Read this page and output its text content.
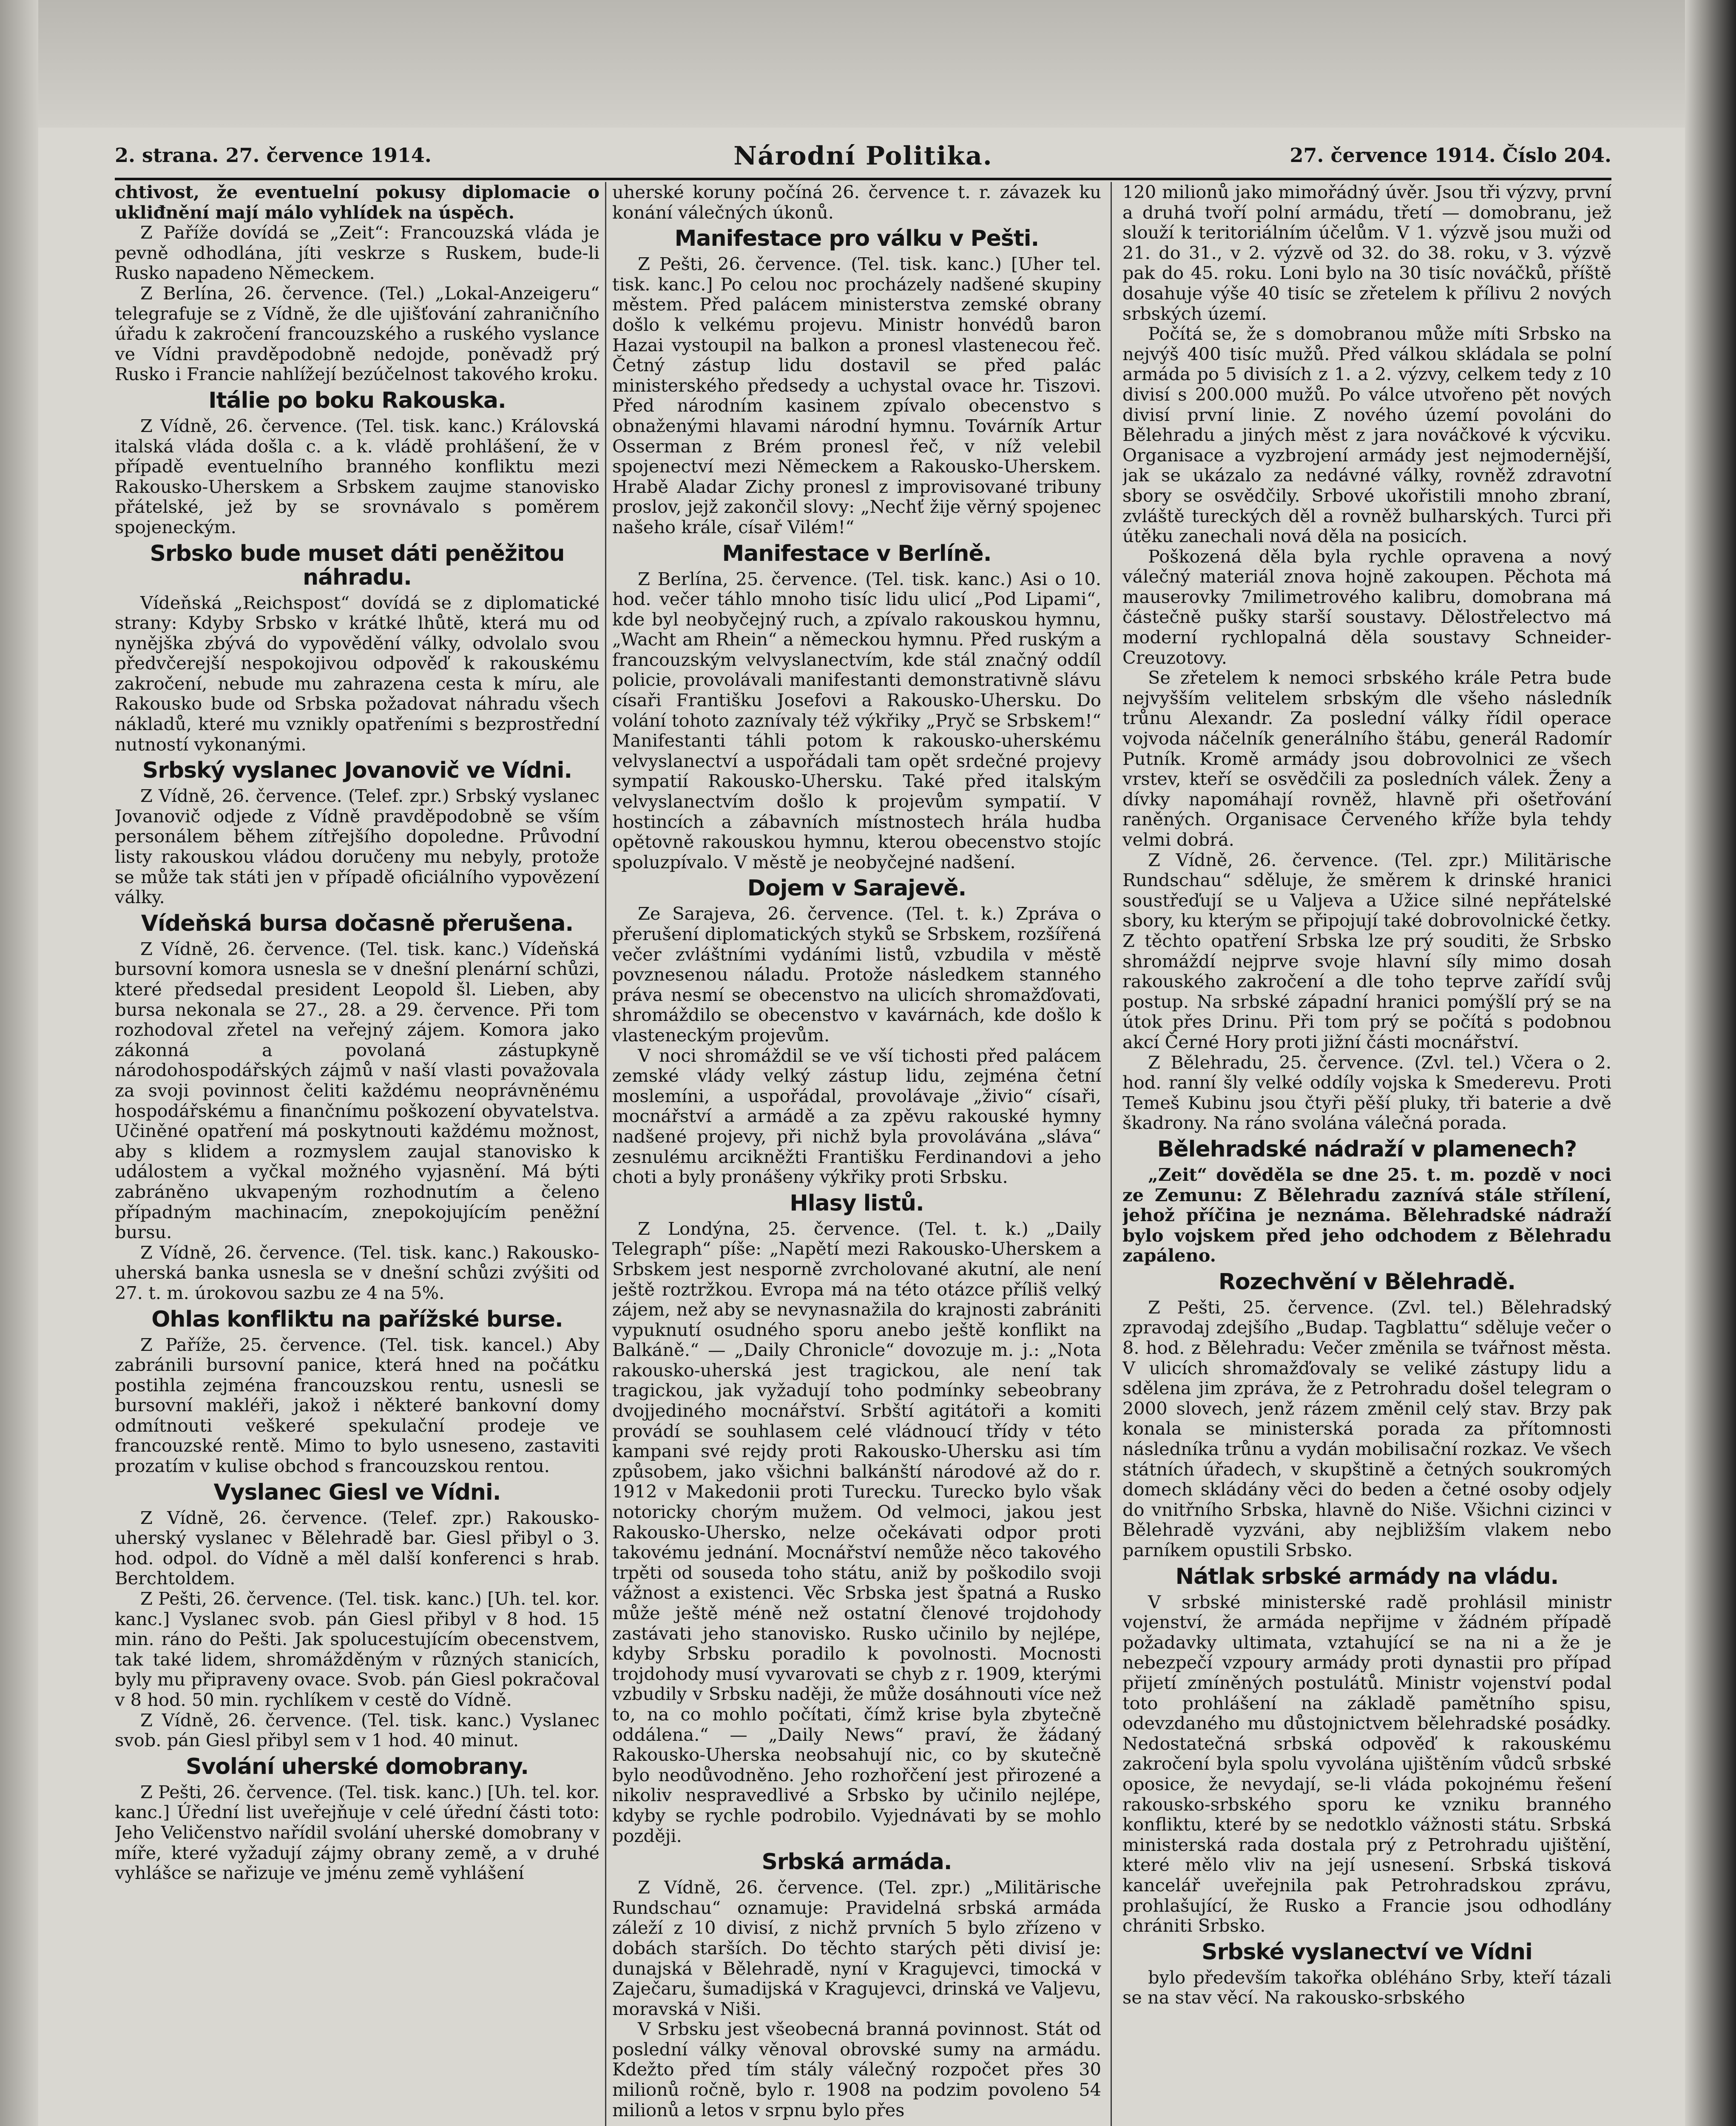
Národní Politika.
2. strana. 27. července 1914.	27. července 1914. Číslo 204.

chtivost, že eventuelní pokusy diplomacie o ukliđnění mají málo vyhlídek na úspěch.

Z Paříže dovídá se „Zeit“: Francouzská vláda je pevně odhodlána, jíti veskrze s Ruskem, bude-li Rusko napadeno Německem.

Z Berlína, 26. července. (Tel.) „Lokal-Anzeigeru“ telegrafuje se z Vídně, že dle ujišťování zahraničního úřadu k zakročení francouzského a ruského vyslance ve Vídni pravděpodobně nedojde, poněvadž prý Rusko i Francie nahlížejí bezúčelnost takového kroku.

Itálie po boku Rakouska.

Z Vídně, 26. července. (Tel. tisk. kanc.) Královská italská vláda došla c. a k. vládě prohlášení, že v případě eventuelního branného konfliktu mezi Rakousko-Uherskem a Srbskem zaujme stanovisko přátelské, jež by se srovnávalo s poměrem spojeneckým.

Srbsko bude muset dáti peněžitou náhradu.

Vídeňská „Reichspost“ dovídá se z diplomatické strany: Kdyby Srbsko v krátké lhůtě, která mu od nynějška zbývá do vypovědění války, odvolalo svou předvčerejší nespokojivou odpověď k rakouskému zakročení, nebude mu zahrazena cesta k míru, ale Rakousko bude od Srbska požadovat náhradu všech nákladů, které mu vznikly opatřeními s bezprostřední nutností vykonanými.

Srbský vyslanec Jovanovič ve Vídni.

Z Vídně, 26. července. (Telef. zpr.) Srbský vyslanec Jovanovič odjede z Vídně pravděpodobně se vším personálem během zítřejšího dopoledne. Průvodní listy rakouskou vládou doručeny mu nebyly, protože se může tak státi jen v případě oficiálního vypovězení války.

Vídeňská bursa dočasně přerušena.

Z Vídně, 26. července. (Tel. tisk. kanc.) Vídeňská bursovní komora usnesla se v dnešní plenární schůzi, které předsedal president Leopold šl. Lieben, aby bursa nekonala se 27., 28. a 29. července. Při tom rozhodoval zřetel na veřejný zájem. Komora jako zákonná a povolaná zástupkyně národohospodářských zájmů v naší vlasti považovala za svoji povinnost čeliti každému neoprávněnému hospodářskému a finančnímu poškození obyvatelstva. Učiněné opatření má poskytnouti každému možnost, aby s klidem a rozmyslem zaujal stanovisko k událostem a vyčkal možného vyjasnění. Má býti zabráněno ukvapeným rozhodnutím a čeleno případným machinacím, znepokojujícím peněžní bursu.

Z Vídně, 26. července. (Tel. tisk. kanc.) Rakousko-uherská banka usnesla se v dnešní schůzi zvýšiti od 27. t. m. úrokovou sazbu ze 4 na 5%.

Ohlas konfliktu na pařížské burse.

Z Paříže, 25. července. (Tel. tisk. kancel.) Aby zabránili bursovní panice, která hned na počátku postihla zejména francouzskou rentu, usnesli se bursovní makléři, jakož i některé bankovní domy odmítnouti veškeré spekulační prodeje ve francouzské rentě. Mimo to bylo usneseno, zastaviti prozatím v kulise obchod s francouzskou rentou.

Vyslanec Giesl ve Vídni.

Z Vídně, 26. července. (Telef. zpr.) Rakousko-uherský vyslanec v Bělehradě bar. Giesl přibyl o 3. hod. odpol. do Vídně a měl další konferenci s hrab. Berchtoldem.

Z Pešti, 26. července. (Tel. tisk. kanc.) [Uh. tel. kor. kanc.] Vyslanec svob. pán Giesl přibyl v 8 hod. 15 min. ráno do Pešti. Jak spolucestujícím obecenstvem, tak také lidem, shromážděným v různých stanicích, byly mu připraveny ovace. Svob. pán Giesl pokračoval v 8 hod. 50 min. rychlíkem v cestě do Vídně.

Z Vídně, 26. července. (Tel. tisk. kanc.) Vyslanec svob. pán Giesl přibyl sem v 1 hod. 40 minut.

Svolání uherské domobrany.

Z Pešti, 26. července. (Tel. tisk. kanc.) [Uh. tel. kor. kanc.] Úřední list uveřejňuje v celé úřední části toto: Jeho Veličenstvo nařídil svolání uherské domobrany v míře, které vyžadují zájmy obrany země, a v druhé vyhlášce se nařizuje ve jménu země vyhlášení

uherské koruny počíná 26. července t. r. závazek ku konání válečných úkonů.

Manifestace pro válku v Pešti.

Z Pešti, 26. července. (Tel. tisk. kanc.) [Uher tel. tisk. kanc.] Po celou noc procházely nadšené skupiny městem. Před palácem ministerstva zemské obrany došlo k velkému projevu. Ministr honvédů baron Hazai vystoupil na balkon a pronesl vlastenecou řeč. Četný zástup lidu dostavil se před palác ministerského předsedy a uchystal ovace hr. Tiszovi. Před národním kasinem zpívalo obecenstvo s obnaženými hlavami národní hymnu. Továrník Artur Osserman z Brém pronesl řeč, v níž velebil spojenectví mezi Německem a Rakousko-Uherskem. Hrabě Aladar Zichy pronesl z improvisované tribuny proslov, jejž zakončil slovy: „Nechť žije věrný spojenec našeho krále, císař Vilém!“

Manifestace v Berlíně.

Z Berlína, 25. července. (Tel. tisk. kanc.) Asi o 10. hod. večer táhlo mnoho tisíc lidu ulicí „Pod Lipami“, kde byl neobyčejný ruch, a zpívalo rakouskou hymnu, „Wacht am Rhein“ a německou hymnu. Před ruským a francouzským velvyslanectvím, kde stál značný oddíl policie, provolávali manifestanti demonstrativně slávu císaři Františku Josefovi a Rakousko-Uhersku. Do volání tohoto zaznívaly též výkřiky „Pryč se Srbskem!“ Manifestanti táhli potom k rakousko-uherskému velvyslanectví a uspořádali tam opět srdečné projevy sympatií Rakousko-Uhersku. Také před italským velvyslanectvím došlo k projevům sympatií. V hostincích a zábavních místnostech hrála hudba opětovně rakouskou hymnu, kterou obecenstvo stojíc spoluzpívalo. V městě je neobyčejné nadšení.

Dojem v Sarajevě.

Ze Sarajeva, 26. července. (Tel. t. k.) Zpráva o přerušení diplomatických styků se Srbskem, rozšířená večer zvláštními vydáními listů, vzbudila v městě povznesenou náladu. Protože následkem stanného práva nesmí se obecenstvo na ulicích shromažďovati, shromáždilo se obecenstvo v kavárnách, kde došlo k vlasteneckým projevům.

V noci shromáždil se ve vší tichosti před palácem zemské vlády velký zástup lidu, zejména četní moslemíni, a uspořádal, provolávaje „živio“ císaři, mocnářství a armádě a za zpěvu rakouské hymny nadšené projevy, při nichž byla provolávána „sláva“ zesnulému arcikněžti Františku Ferdinandovi a jeho choti a byly pronášeny výkřiky proti Srbsku.

Hlasy listů.

Z Londýna, 25. července. (Tel. t. k.) „Daily Telegraph“ píše: „Napětí mezi Rakousko-Uherskem a Srbskem jest nesporně zvrcholované akutní, ale není ještě roztržkou. Evropa má na této otázce příliš velký zájem, než aby se nevynasnažila do krajnosti zabrániti vypuknutí osudného sporu anebo ještě konflikt na Balkáně.“ — „Daily Chronicle“ dovozuje m. j.: „Nota rakousko-uherská jest tragickou, ale není tak tragickou, jak vyžadují toho podmínky sebeobrany dvojjediného mocnářství. Srbští agitátoři a komiti provádí se souhlasem celé vládnoucí třídy v této kampani své rejdy proti Rakousko-Uhersku asi tím způsobem, jako všichni balkánští národové až do r. 1912 v Makedonii proti Turecku. Turecko bylo však notoricky chorým mužem. Od velmoci, jakou jest Rakousko-Uhersko, nelze očekávati odpor proti takovému jednání. Mocnářství nemůže něco takového trpěti od souseda toho státu, aniž by poškodilo svoji vážnost a existenci. Věc Srbska jest špatná a Rusko může ještě méně než ostatní členové trojdohody zastávati jeho stanovisko. Rusko učinilo by nejlépe, kdyby Srbsku poradilo k povolnosti. Mocnosti trojdohody musí vyvarovati se chyb z r. 1909, kterými vzbudily v Srbsku naději, že může dosáhnouti více než to, na co mohlo počítati, čímž krise byla zbytečně oddálena.“ — „Daily News“ praví, že žádaný Rakousko-Uherska neobsahují nic, co by skutečně bylo neodůvodněno. Jeho rozhořčení jest přirozené a nikoliv nespravedlivé a Srbsko by učinilo nejlépe, kdyby se rychle podrobilo. Vyjednávati by se mohlo později.

Srbská armáda.

Z Vídně, 26. července. (Tel. zpr.) „Militärische Rundschau“ oznamuje: Pravidelná srbská armáda záleží z 10 divisí, z nichž prvních 5 bylo zřízeno v dobách starších. Do těchto starých pěti divisí je: dunajská v Bělehradě, nyní v Kragujevci, timocká v Zaječaru, šumadijská v Kragujevci, drinská ve Valjevu, moravská v Niši.

V Srbsku jest všeobecná branná povinnost. Stát od poslední války věnoval obrovské sumy na armádu. Kdežto před tím stály válečný rozpočet přes 30 milionů ročně, bylo r. 1908 na podzim povoleno 54 milionů a letos v srpnu bylo přes

120 milionů jako mimořádný úvěr. Jsou tři výzvy, první a druhá tvoří polní armádu, třetí — domobranu, jež slouží k teritoriálním účelům. V 1. výzvě jsou muži od 21. do 31., v 2. výzvě od 32. do 38. roku, v 3. výzvě pak do 45. roku. Loni bylo na 30 tisíc nováčků, příště dosahuje výše 40 tisíc se zřetelem k přílivu 2 nových srbských území.

Počítá se, že s domobranou může míti Srbsko na nejvýš 400 tisíc mužů. Před válkou skládala se polní armáda po 5 divisích z 1. a 2. výzvy, celkem tedy z 10 divisí s 200.000 mužů. Po válce utvořeno pět nových divisí první linie. Z nového území povoláni do Bělehradu a jiných měst z jara nováčkové k výcviku. Organisace a vyzbrojení armády jest nejmodernější, jak se ukázalo za nedávné války, rovněž zdravotní sbory se osvědčily. Srbové ukořistili mnoho zbraní, zvláště tureckých děl a rovněž bulharských. Turci při útěku zanechali nová děla na posicích.

Poškozená děla byla rychle opravena a nový válečný materiál znova hojně zakoupen. Pěchota má mauserovky 7milimetrového kalibru, domobrana má částečně pušky starší soustavy. Dělostřelectvo má moderní rychlopalná děla soustavy Schneider-Creuzotovy.

Se zřetelem k nemoci srbského krále Petra bude nejvyšším velitelem srbským dle všeho následník trůnu Alexandr. Za poslední války řídil operace vojvoda náčelník generálního štábu, generál Radomír Putník. Kromě armády jsou dobrovolnici ze všech vrstev, kteří se osvědčili za posledních válek. Ženy a dívky napomáhají rovněž, hlavně při ošetřování raněných. Organisace Červeného kříže byla tehdy velmi dobrá.

Z Vídně, 26. července. (Tel. zpr.) Militärische Rundschau“ sděluje, že směrem k drinské hranici soustřeďují se u Valjeva a Užice silné nepřátelské sbory, ku kterým se připojují také dobrovolnické četky. Z těchto opatření Srbska lze prý souditi, že Srbsko shromáždí nejprve svoje hlavní síly mimo dosah rakouského zakročení a dle toho teprve zařídí svůj postup. Na srbské západní hranici pomýšlí prý se na útok přes Drinu. Při tom prý se počítá s podobnou akcí Černé Hory proti jižní části mocnářství.

Z Bělehradu, 25. července. (Zvl. tel.) Včera o 2. hod. ranní šly velké oddíly vojska k Smederevu. Proti Temeš Kubinu jsou čtyři pěší pluky, tři baterie a dvě škadrony. Na ráno svolána válečná porada.

Bělehradské nádraží v plamenech?

„Zeit“ dověděla se dne 25. t. m. pozdě v noci ze Zemunu: Z Bělehradu zaznívá stále střílení, jehož příčina je neznáma. Bělehradské nádraží bylo vojskem před jeho odchodem z Bělehradu zapáleno.

Rozechvění v Bělehradě.

Z Pešti, 25. července. (Zvl. tel.) Bělehradský zpravodaj zdejšího „Budap. Tagblattu“ sděluje večer o 8. hod. z Bělehradu: Večer změnila se tvářnost města. V ulicích shromažďovaly se veliké zástupy lidu a sdělena jim zpráva, že z Petrohradu došel telegram o 2000 slovech, jenž rázem změnil celý stav. Brzy pak konala se ministerská porada za přítomnosti následníka trůnu a vydán mobilisační rozkaz. Ve všech státních úřadech, v skupštině a četných soukromých domech skládány věci do beden a četné osoby odjely do vnitřního Srbska, hlavně do Niše. Všichni cizinci v Bělehradě vyzváni, aby nejbližším vlakem nebo parníkem opustili Srbsko.

Nátlak srbské armády na vládu.

V srbské ministerské radě prohlásil ministr vojenství, že armáda nepřijme v žádném případě požadavky ultimata, vztahující se na ni a že je nebezpečí vzpoury armády proti dynastii pro případ přijetí zmíněných postulátů. Ministr vojenství podal toto prohlášení na základě pamětního spisu, odevzdaného mu důstojnictvem bělehradské posádky. Nedostatečná srbská odpověď k rakouskému zakročení byla spolu vyvolána ujištěním vůdců srbské oposice, že nevydají, se-li vláda pokojnému řešení rakousko-srbského sporu ke vzniku branného konfliktu, které by se nedotklo vážnosti státu. Srbská ministerská rada dostala prý z Petrohradu ujištění, které mělo vliv na její usnesení. Srbská tisková kancelář uveřejnila pak Petrohradskou zprávu, prohlašující, že Rusko a Francie jsou odhodlány chrániti Srbsko.

Srbské vyslanectví ve Vídni

bylo především takořka obléháno Srby, kteří tázali se na stav věcí. Na rakousko-srbského
